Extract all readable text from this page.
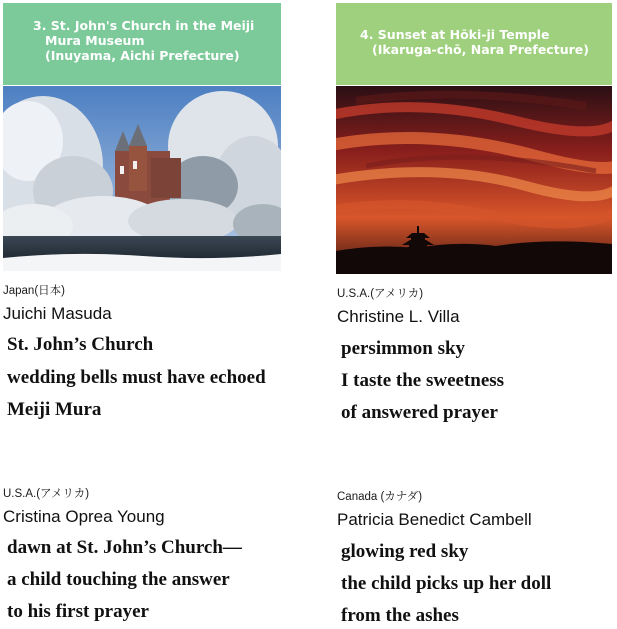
3. St. John's Church in the Meiji
Mura Museum
(Inuyama, Aichi Prefecture)
4. Sunset at Hōki-ji Temple
(Ikaruga-chō, Nara Prefecture)
Japan(日本)
Juichi Masuda
St. John’s Church
wedding bells must have echoed
Meiji Mura
U.S.A.(アメリカ)
Christine L. Villa
persimmon sky
I taste the sweetness
of answered prayer
U.S.A.(アメリカ)
Cristina Oprea Young
dawn at St. John’s Church—
a child touching the answer
to his first prayer
Canada (カナダ)
Patricia Benedict Cambell
glowing red sky
the child picks up her doll
from the ashes
